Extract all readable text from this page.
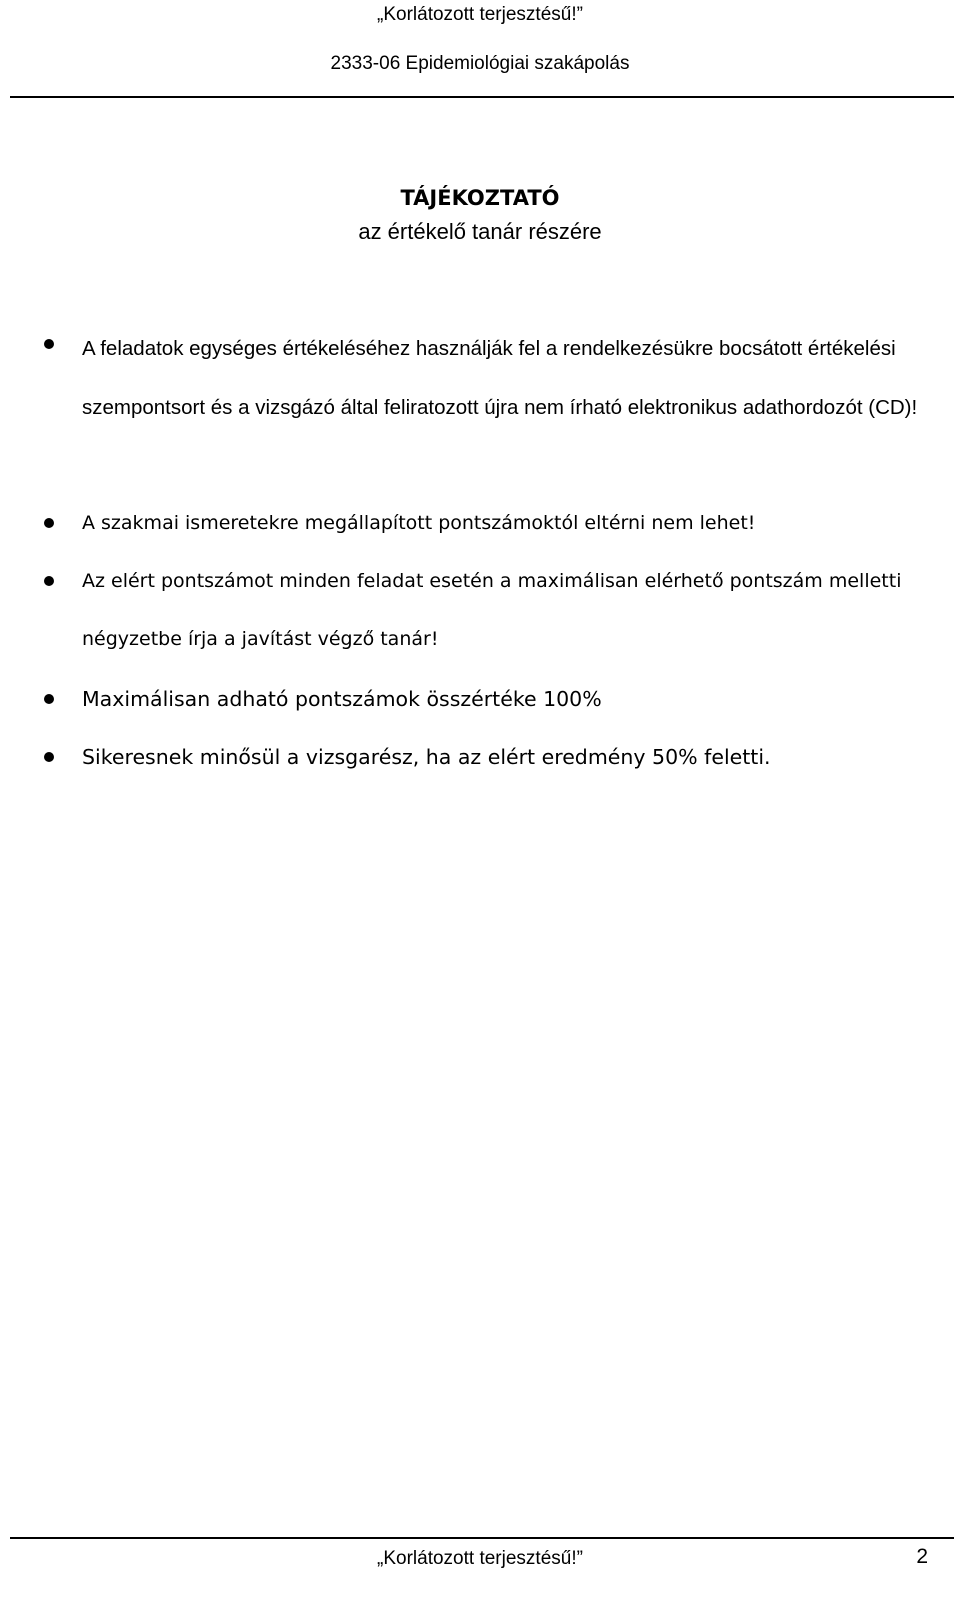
„Korlátozott terjesztésű!”
2333-06 Epidemiológiai szakápolás
TÁJÉKOZTATÓ
az értékelő tanár részére

A feladatok egységes értékeléséhez használják fel a rendelkezésükre bocsátott értékelési szempontsort és a vizsgázó által feliratozott újra nem írható elektronikus adathordozót (CD)!

A szakmai ismeretekre megállapított pontszámoktól eltérni nem lehet!

Az elért pontszámot minden feladat esetén a maximálisan elérhető pontszám melletti négyzetbe írja a javítást végző tanár!

Maximálisan adható pontszámok összértéke 100%

Sikeresnek minősül a vizsgarész, ha az elért eredmény 50% feletti.

„Korlátozott terjesztésű!”	2
